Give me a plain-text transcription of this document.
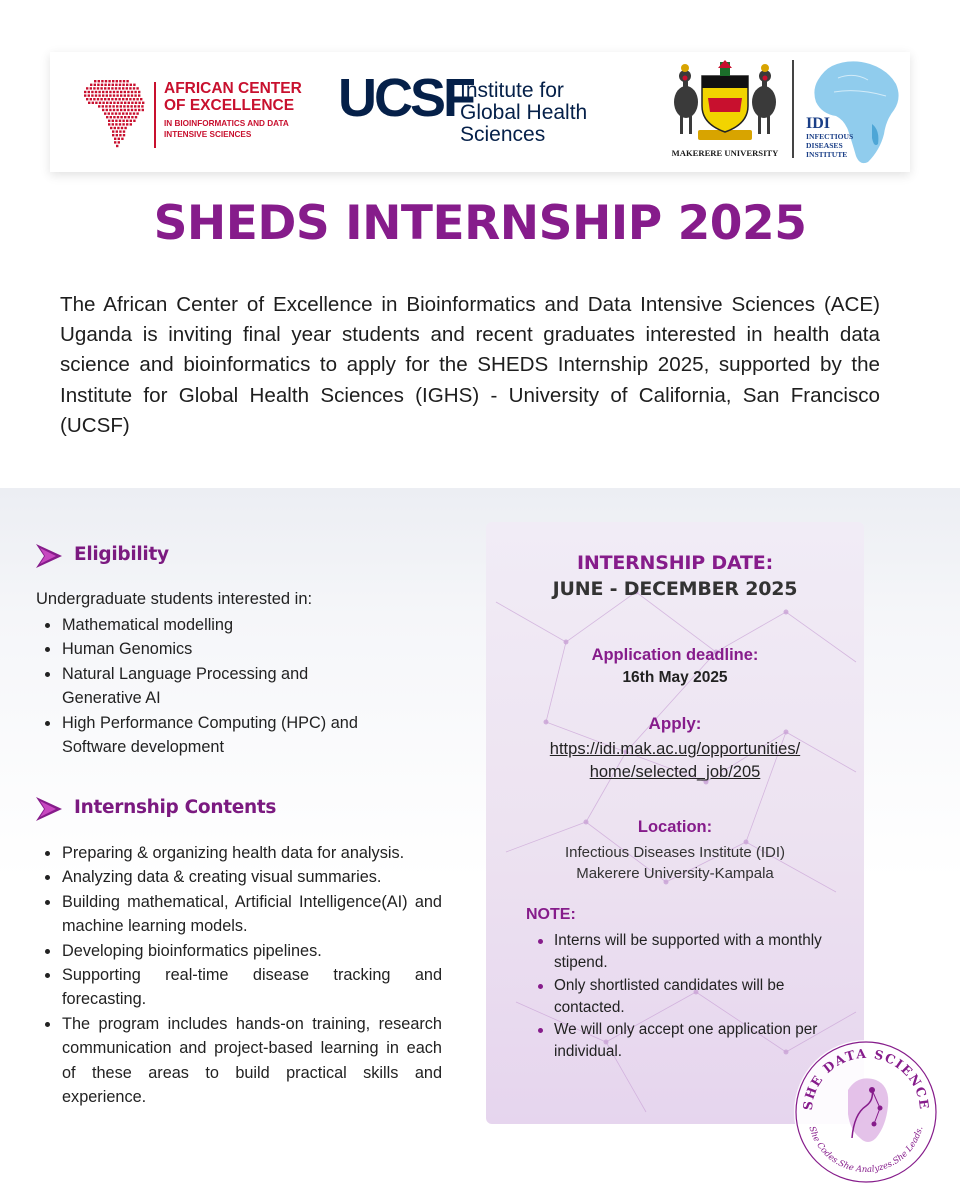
AFRICAN CENTER
OF EXCELLENCE
IN BIOINFORMATICS AND DATA
INTENSIVE SCIENCES
UCSF
Institute for
Global Health
Sciences
MAKERERE UNIVERSITY
IDI
INFECTIOUS
DISEASES
INSTITUTE
SHEDS INTERNSHIP 2025

The African Center of Excellence in Bioinformatics and Data Intensive Sciences (ACE) Uganda is inviting final year students and recent graduates interested in health data science and bioinformatics to apply for the SHEDS Internship 2025, supported by the Institute for Global Health Sciences (IGHS) - University of California, San Francisco (UCSF)

Eligibility
Undergraduate students interested in:
Mathematical modelling
Human Genomics
Natural Language Processing and Generative AI
High Performance Computing (HPC) and Software development
Internship Contents
Preparing & organizing health data for analysis.
Analyzing data & creating visual summaries.
Building mathematical, Artificial Intelligence(AI) and machine learning models.
Developing bioinformatics pipelines.
Supporting real-time disease tracking and forecasting.
The program includes hands-on training, research communication and project-based learning in each of these areas to build practical skills and experience.
INTERNSHIP DATE:
JUNE - DECEMBER 2025
Application deadline:
16th May 2025
Apply:
https://idi.mak.ac.ug/opportunities/
home/selected_job/205
Location:
Infectious Diseases Institute (IDI)
Makerere University-Kampala
NOTE:
Interns will be supported with a monthly stipend.
Only shortlisted candidates will be contacted.
We will only accept one application per individual.
SHE DATA SCIENCE
She Codes.She Analyzes.She Leads.
